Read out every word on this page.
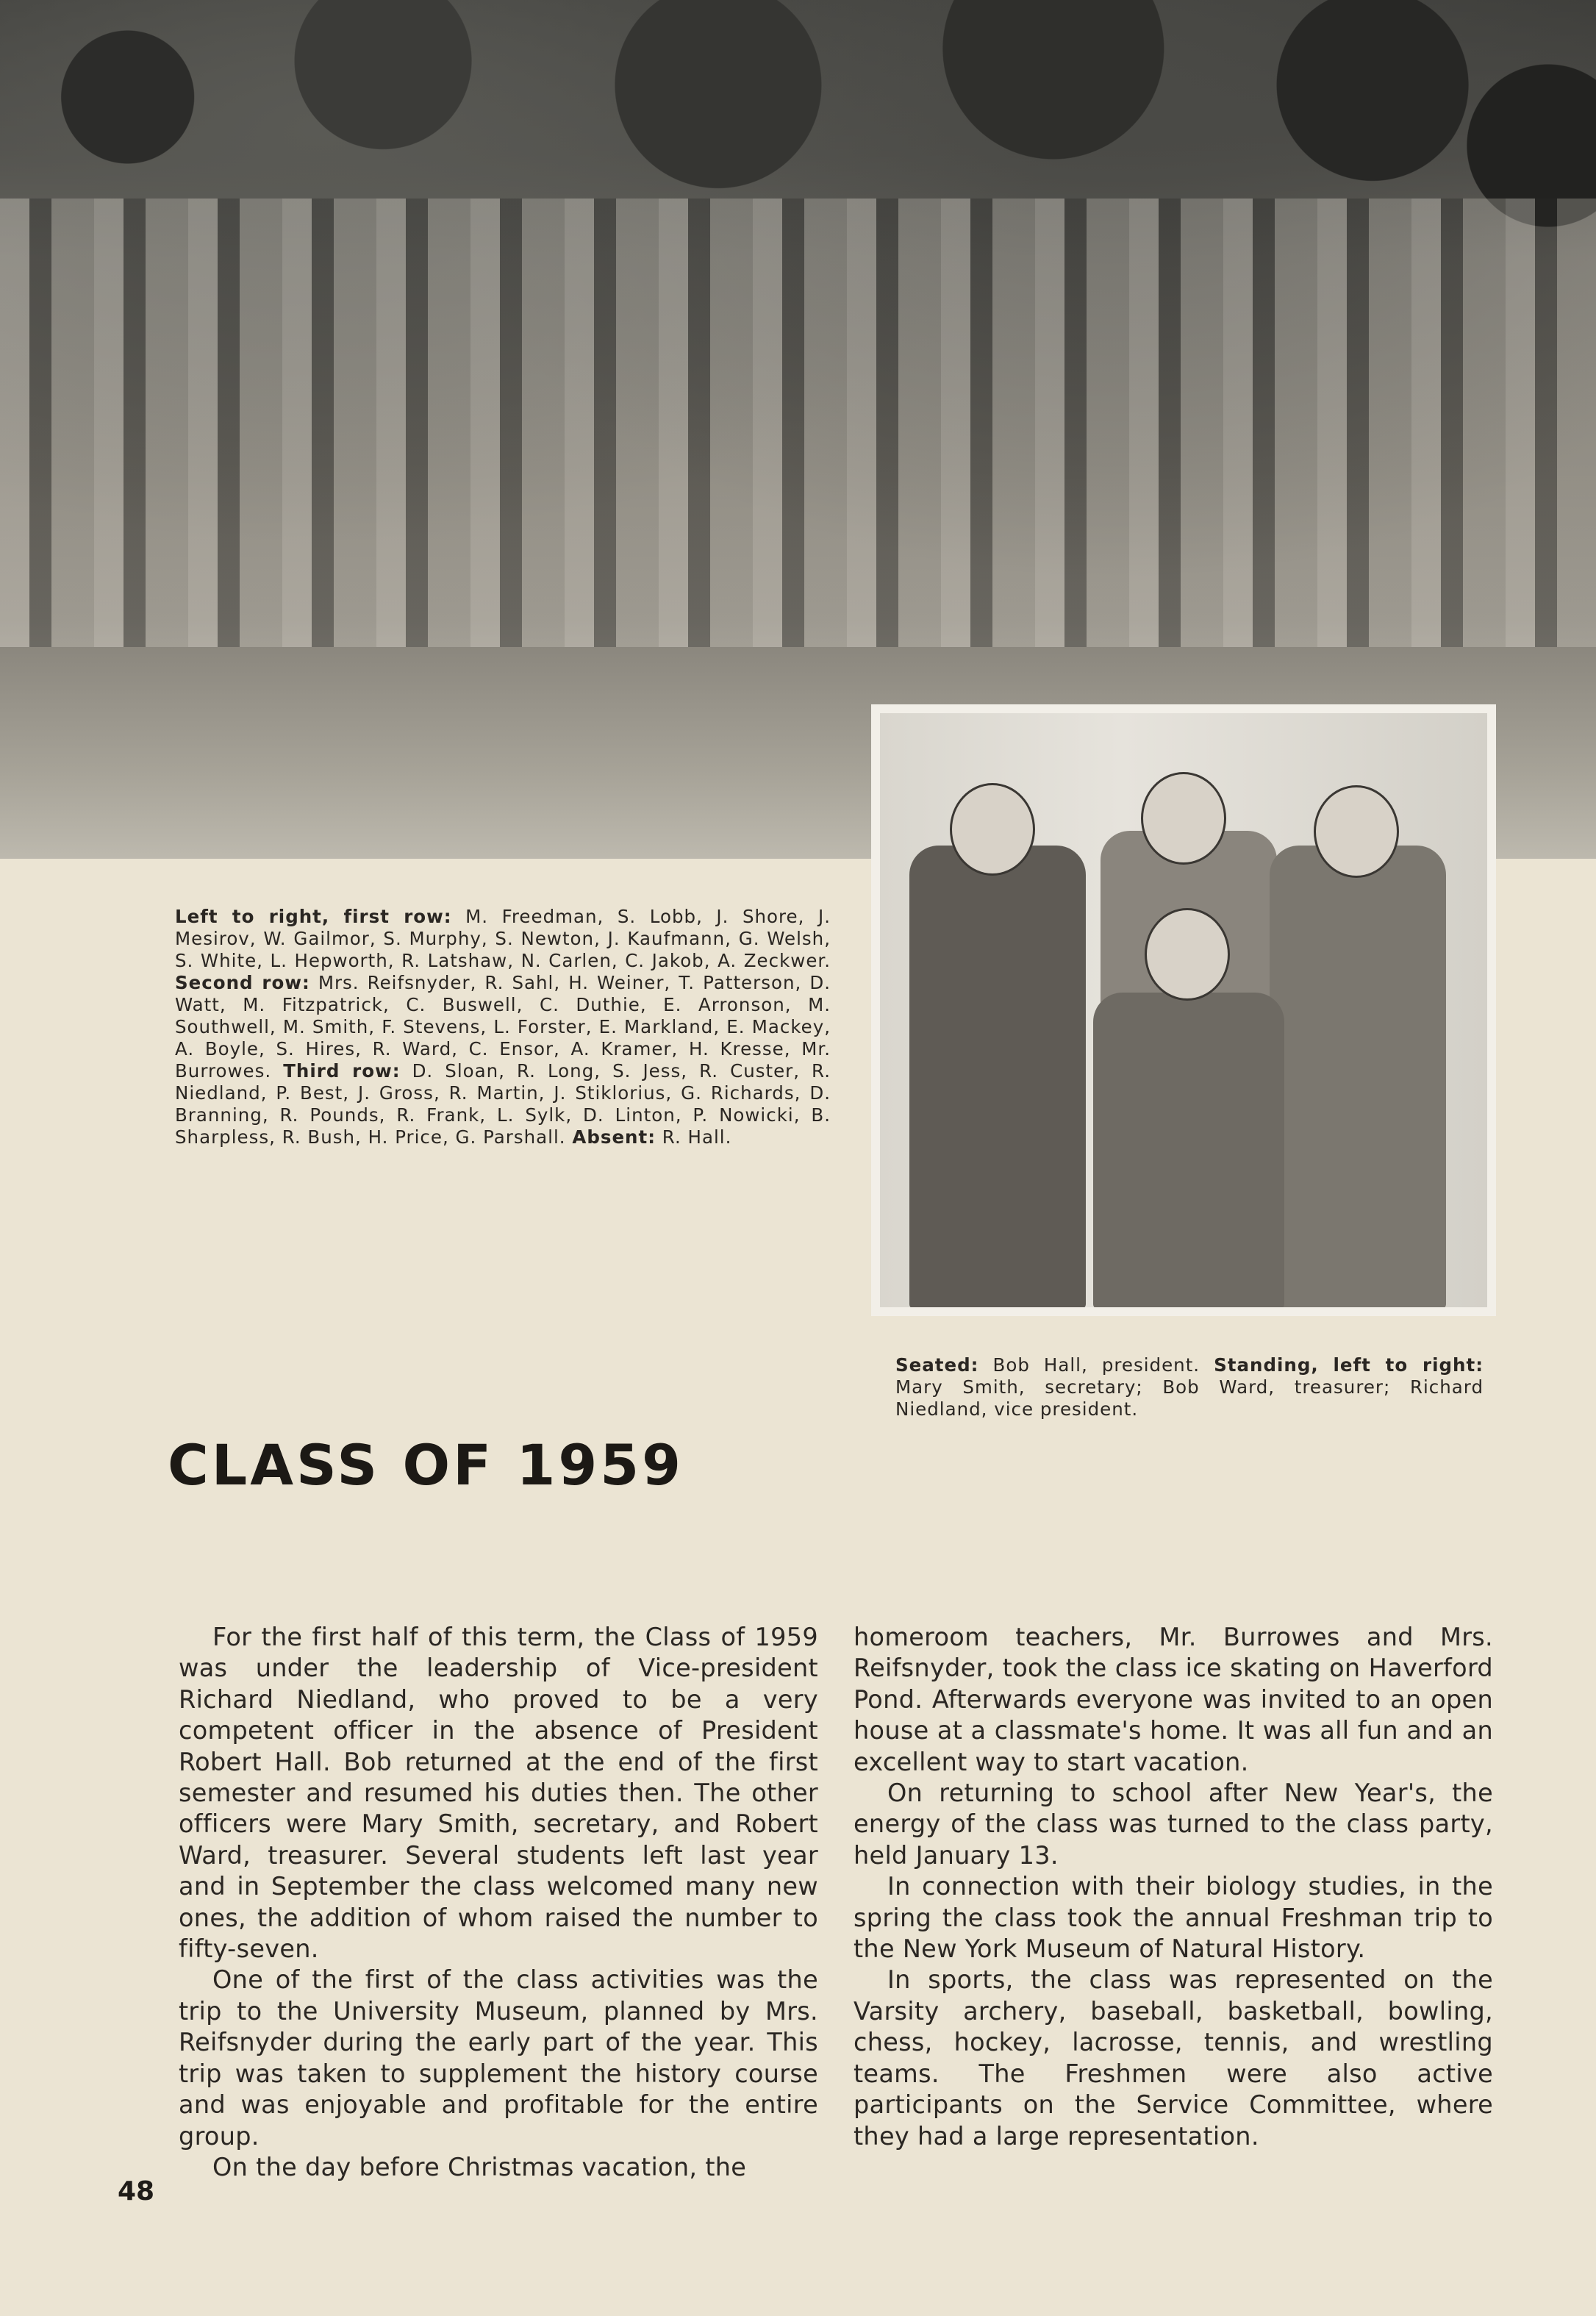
Left to right, first row: M. Freedman, S. Lobb, J. Shore, J. Mesirov, W. Gailmor, S. Murphy, S. Newton, J. Kaufmann, G. Welsh, S. White, L. Hepworth, R. Latshaw, N. Carlen, C. Jakob, A. Zeckwer. Second row: Mrs. Reifsnyder, R. Sahl, H. Weiner, T. Patterson, D. Watt, M. Fitzpatrick, C. Buswell, C. Duthie, E. Arronson, M. Southwell, M. Smith, F. Stevens, L. Forster, E. Markland, E. Mackey, A. Boyle, S. Hires, R. Ward, C. Ensor, A. Kramer, H. Kresse, Mr. Burrowes. Third row: D. Sloan, R. Long, S. Jess, R. Custer, R. Niedland, P. Best, J. Gross, R. Martin, J. Stiklorius, G. Richards, D. Branning, R. Pounds, R. Frank, L. Sylk, D. Linton, P. Nowicki, B. Sharpless, R. Bush, H. Price, G. Parshall. Absent: R. Hall.
Seated: Bob Hall, president. Standing, left to right: Mary Smith, secretary; Bob Ward, treasurer; Richard Niedland, vice president.
CLASS OF 1959

For the first half of this term, the Class of 1959 was under the leadership of Vice-president Richard Niedland, who proved to be a very competent officer in the absence of President Robert Hall. Bob returned at the end of the first semester and resumed his duties then. The other officers were Mary Smith, secretary, and Robert Ward, treasurer. Several students left last year and in September the class welcomed many new ones, the addition of whom raised the number to fifty-seven.

One of the first of the class activities was the trip to the University Museum, planned by Mrs. Reifsnyder during the early part of the year. This trip was taken to supplement the history course and was enjoyable and profitable for the entire group.

On the day before Christmas vacation, the

homeroom teachers, Mr. Burrowes and Mrs. Reifsnyder, took the class ice skating on Haverford Pond. Afterwards everyone was invited to an open house at a classmate's home. It was all fun and an excellent way to start vacation.

On returning to school after New Year's, the energy of the class was turned to the class party, held January 13.

In connection with their biology studies, in the spring the class took the annual Freshman trip to the New York Museum of Natural History.

In sports, the class was represented on the Varsity archery, baseball, basketball, bowling, chess, hockey, lacrosse, tennis, and wrestling teams. The Freshmen were also active participants on the Service Committee, where they had a large representation.

48
